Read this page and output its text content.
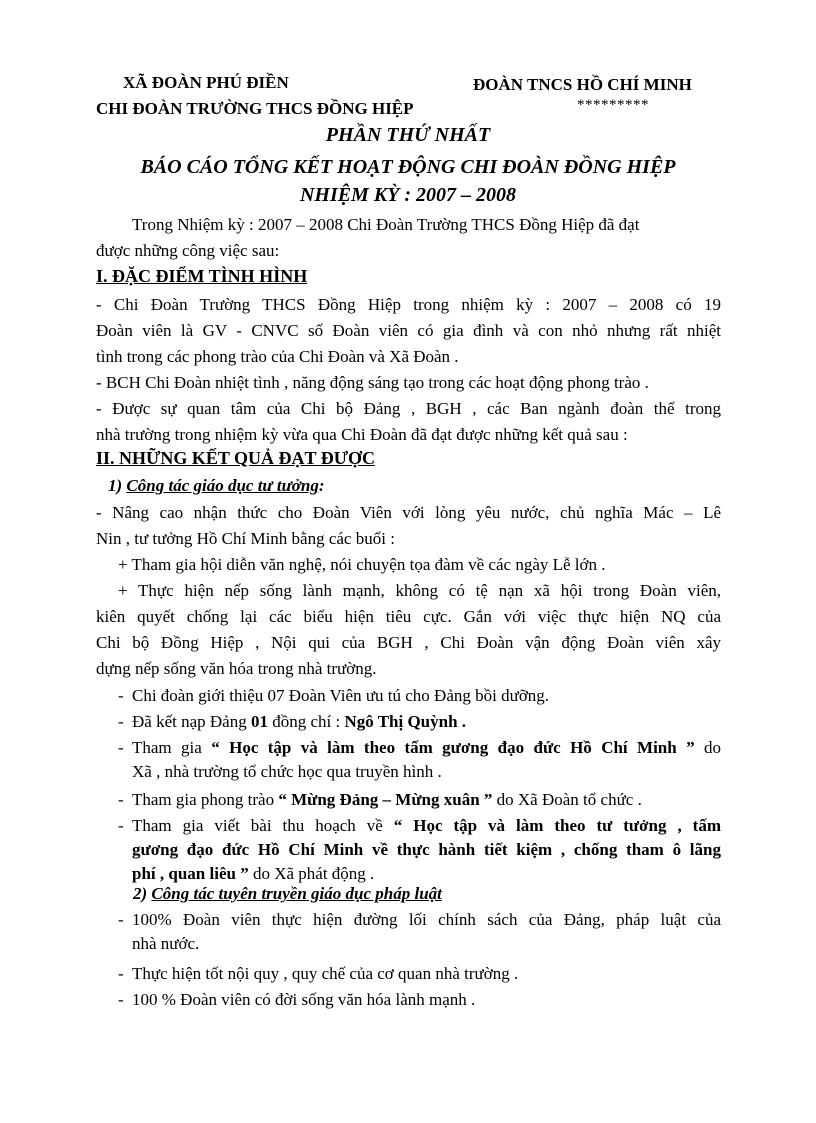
XÃ ĐOÀN PHÚ ĐIỀN
CHI ĐOÀN TRƯỜNG THCS ĐỒNG HIỆP
ĐOÀN TNCS HỒ CHÍ MINH
*********
PHẦN THỨ NHẤT
BÁO CÁO TỔNG KẾT HOẠT ĐỘNG CHI ĐOÀN ĐỒNG HIỆP
NHIỆM KỲ : 2007 – 2008
Trong Nhiệm kỳ : 2007 – 2008 Chi Đoàn Trường THCS Đồng Hiệp đã đạt
được những công việc sau:
I. ĐẶC ĐIỂM TÌNH HÌNH
- Chi Đoàn Trường THCS Đồng Hiệp trong nhiệm kỳ : 2007 – 2008 có 19
Đoàn viên là GV - CNVC số Đoàn viên có gia đình và con nhỏ nhưng rất nhiệt
tình trong các phong trào của Chi Đoàn và Xã Đoàn .
- BCH Chi Đoàn nhiệt tình , năng động sáng tạo trong các hoạt động phong trào .
- Được sự quan tâm của Chi bộ Đảng , BGH , các Ban ngành đoàn thể trong
nhà trường trong nhiệm kỳ vừa qua Chi Đoàn đã đạt được những kết quả sau :
II. NHỮNG KẾT QUẢ ĐẠT ĐƯỢC
1) Công tác giáo dục tư tưởng:
- Nâng cao nhận thức cho Đoàn Viên với lòng yêu nước, chủ nghĩa Mác – Lê
Nin , tư tưởng Hồ Chí Minh bằng các buổi :
+ Tham gia hội diễn văn nghệ, nói chuyện tọa đàm về các ngày Lễ lớn .
+ Thực hiện nếp sống lành mạnh, không có tệ nạn xã hội trong Đoàn viên,
kiên quyết chống lại các biểu hiện tiêu cực. Gắn với việc thực hiện NQ của
Chi bộ Đồng Hiệp , Nội qui của BGH , Chi Đoàn vận động Đoàn viên xây
dựng nếp sống văn hóa trong nhà trường.
- Chi đoàn giới thiệu 07 Đoàn Viên ưu tú cho Đảng bồi dưỡng.
- Đã kết nạp Đảng 01 đồng chí : Ngô Thị Quỳnh .
- Tham gia “ Học tập và làm theo tấm gương đạo đức Hồ Chí Minh ” do
Xã , nhà trường tổ chức học qua truyền hình .
- Tham gia phong trào “ Mừng Đảng – Mừng xuân ” do Xã Đoàn tổ chức .
- Tham gia viết bài thu hoạch về “ Học tập và làm theo tư tưởng , tấm
gương đạo đức Hồ Chí Minh về thực hành tiết kiệm , chống tham ô lãng
phí , quan liêu ” do Xã phát động .
2) Công tác tuyên truyền giáo dục pháp luật
- 100% Đoàn viên thực hiện đường lối chính sách của Đảng, pháp luật của
nhà nước.
- Thực hiện tốt nội quy , quy chế của cơ quan nhà trường .
- 100 % Đoàn viên có đời sống văn hóa lành mạnh .
